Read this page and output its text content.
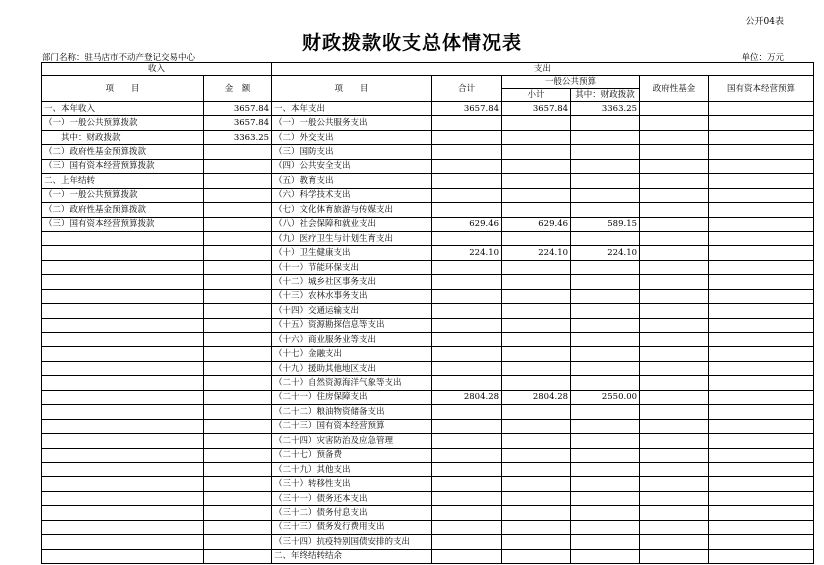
公开04表
财政拨款收支总体情况表
部门名称：驻马店市不动产登记交易中心	单位：万元
收入		支出					
项　　目	金　额	项　　目	合计	一般公共预算		政府性基金	国有资本经营预算
				小计	其中：财政拨款		
一、本年收入	3657.84	一、本年支出	3657.84	3657.84	3363.25		
（一）一般公共预算拨款	3657.84	（一）一般公共服务支出					
　　其中：财政拨款	3363.25	（二）外交支出					
（二）政府性基金预算拨款		（三）国防支出					
（三）国有资本经营预算拨款		（四）公共安全支出					
二、上年结转		（五）教育支出					
（一）一般公共预算拨款		（六）科学技术支出					
（二）政府性基金预算拨款		（七）文化体育旅游与传媒支出					
（三）国有资本经营预算拨款		（八）社会保障和就业支出	629.46	629.46	589.15		
		（九）医疗卫生与计划生育支出					
		（十）卫生健康支出	224.10	224.10	224.10		
		（十一）节能环保支出					
		（十二）城乡社区事务支出					
		（十三）农林水事务支出					
		（十四）交通运输支出					
		（十五）资源勘探信息等支出					
		（十六）商业服务业等支出					
		（十七）金融支出					
		（十九）援助其他地区支出					
		（二十）自然资源海洋气象等支出					
		（二十一）住房保障支出	2804.28	2804.28	2550.00		
		（二十二）粮油物资储备支出					
		（二十三）国有资本经营预算					
		（二十四）灾害防治及应急管理					
		（二十七）预备费					
		（二十九）其他支出					
		（三十）转移性支出					
		（三十一）债务还本支出					
		（三十二）债务付息支出					
		（三十三）债务发行费用支出					
		（三十四）抗疫特别国债安排的支出					
		二、年终结转结余					
